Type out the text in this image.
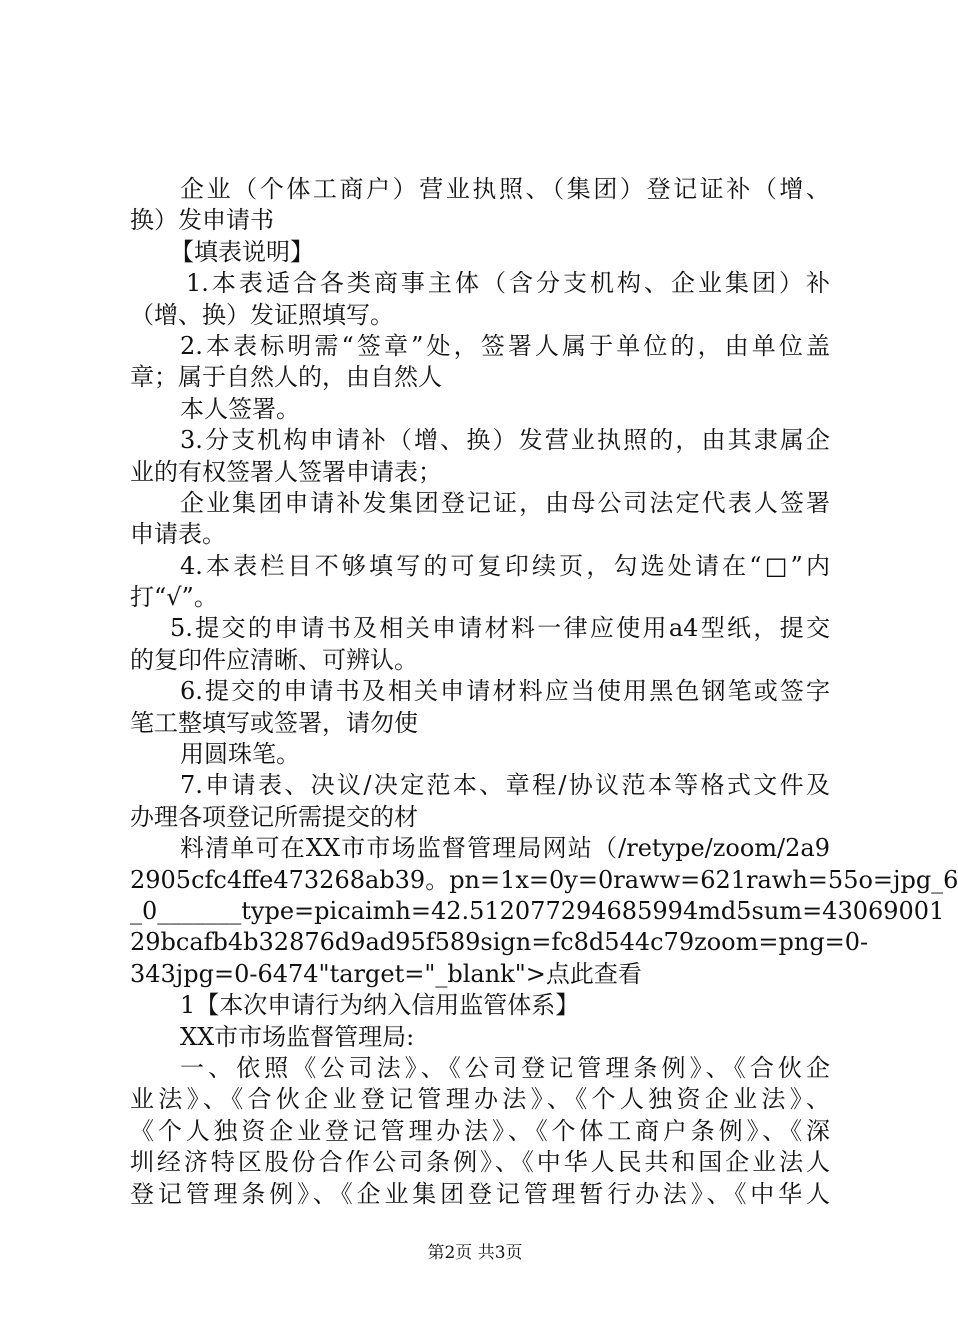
企业（个体工商户）营业执照、（集团）登记证补（增、
换）发申请书
【填表说明】
1.本表适合各类商事主体（含分支机构、企业集团）补
（增、换）发证照填写。
2.本表标明需“签章”处，签署人属于单位的，由单位盖
章；属于自然人的，由自然人
本人签署。
3.分支机构申请补（增、换）发营业执照的，由其隶属企
业的有权签署人签署申请表；
企业集团申请补发集团登记证，由母公司法定代表人签署
申请表。
4.本表栏目不够填写的可复印续页，勾选处请在“□”内
打“√”。
5.提交的申请书及相关申请材料一律应使用a4型纸，提交
的复印件应清晰、可辨认。
6.提交的申请书及相关申请材料应当使用黑色钢笔或签字
笔工整填写或签署，请勿使
用圆珠笔。
7.申请表、决议/决定范本、章程/协议范本等格式文件及
办理各项登记所需提交的材
料清单可在XX市市场监督管理局网站（/retype/zoom/2a9
2905cfc4ffe473268ab39。pn=1x=0y=0raww=621rawh=55o=jpg_6
_0_______type=picaimh=42.51207729468599​4md5sum=43069001
29bcafb4b32876d9ad95f589sign=fc8d544c79zoom=png=0-
343jpg=0-6474"target="_blank">点此查看
1【本次申请行为纳入信用监管体系】
XX市市场监督管理局:
一、依照《公司法》、《公司登记管理条例》、《合伙企
业法》、《合伙企业登记管理办法》、《个人独资企业法》、
《个人独资企业登记管理办法》、《个体工商户条例》、《深
圳经济特区股份合作公司条例》、《中华人民共和国企业法人
登记管理条例》、《企业集团登记管理暂行办法》、《中华人
第2页 共3页
